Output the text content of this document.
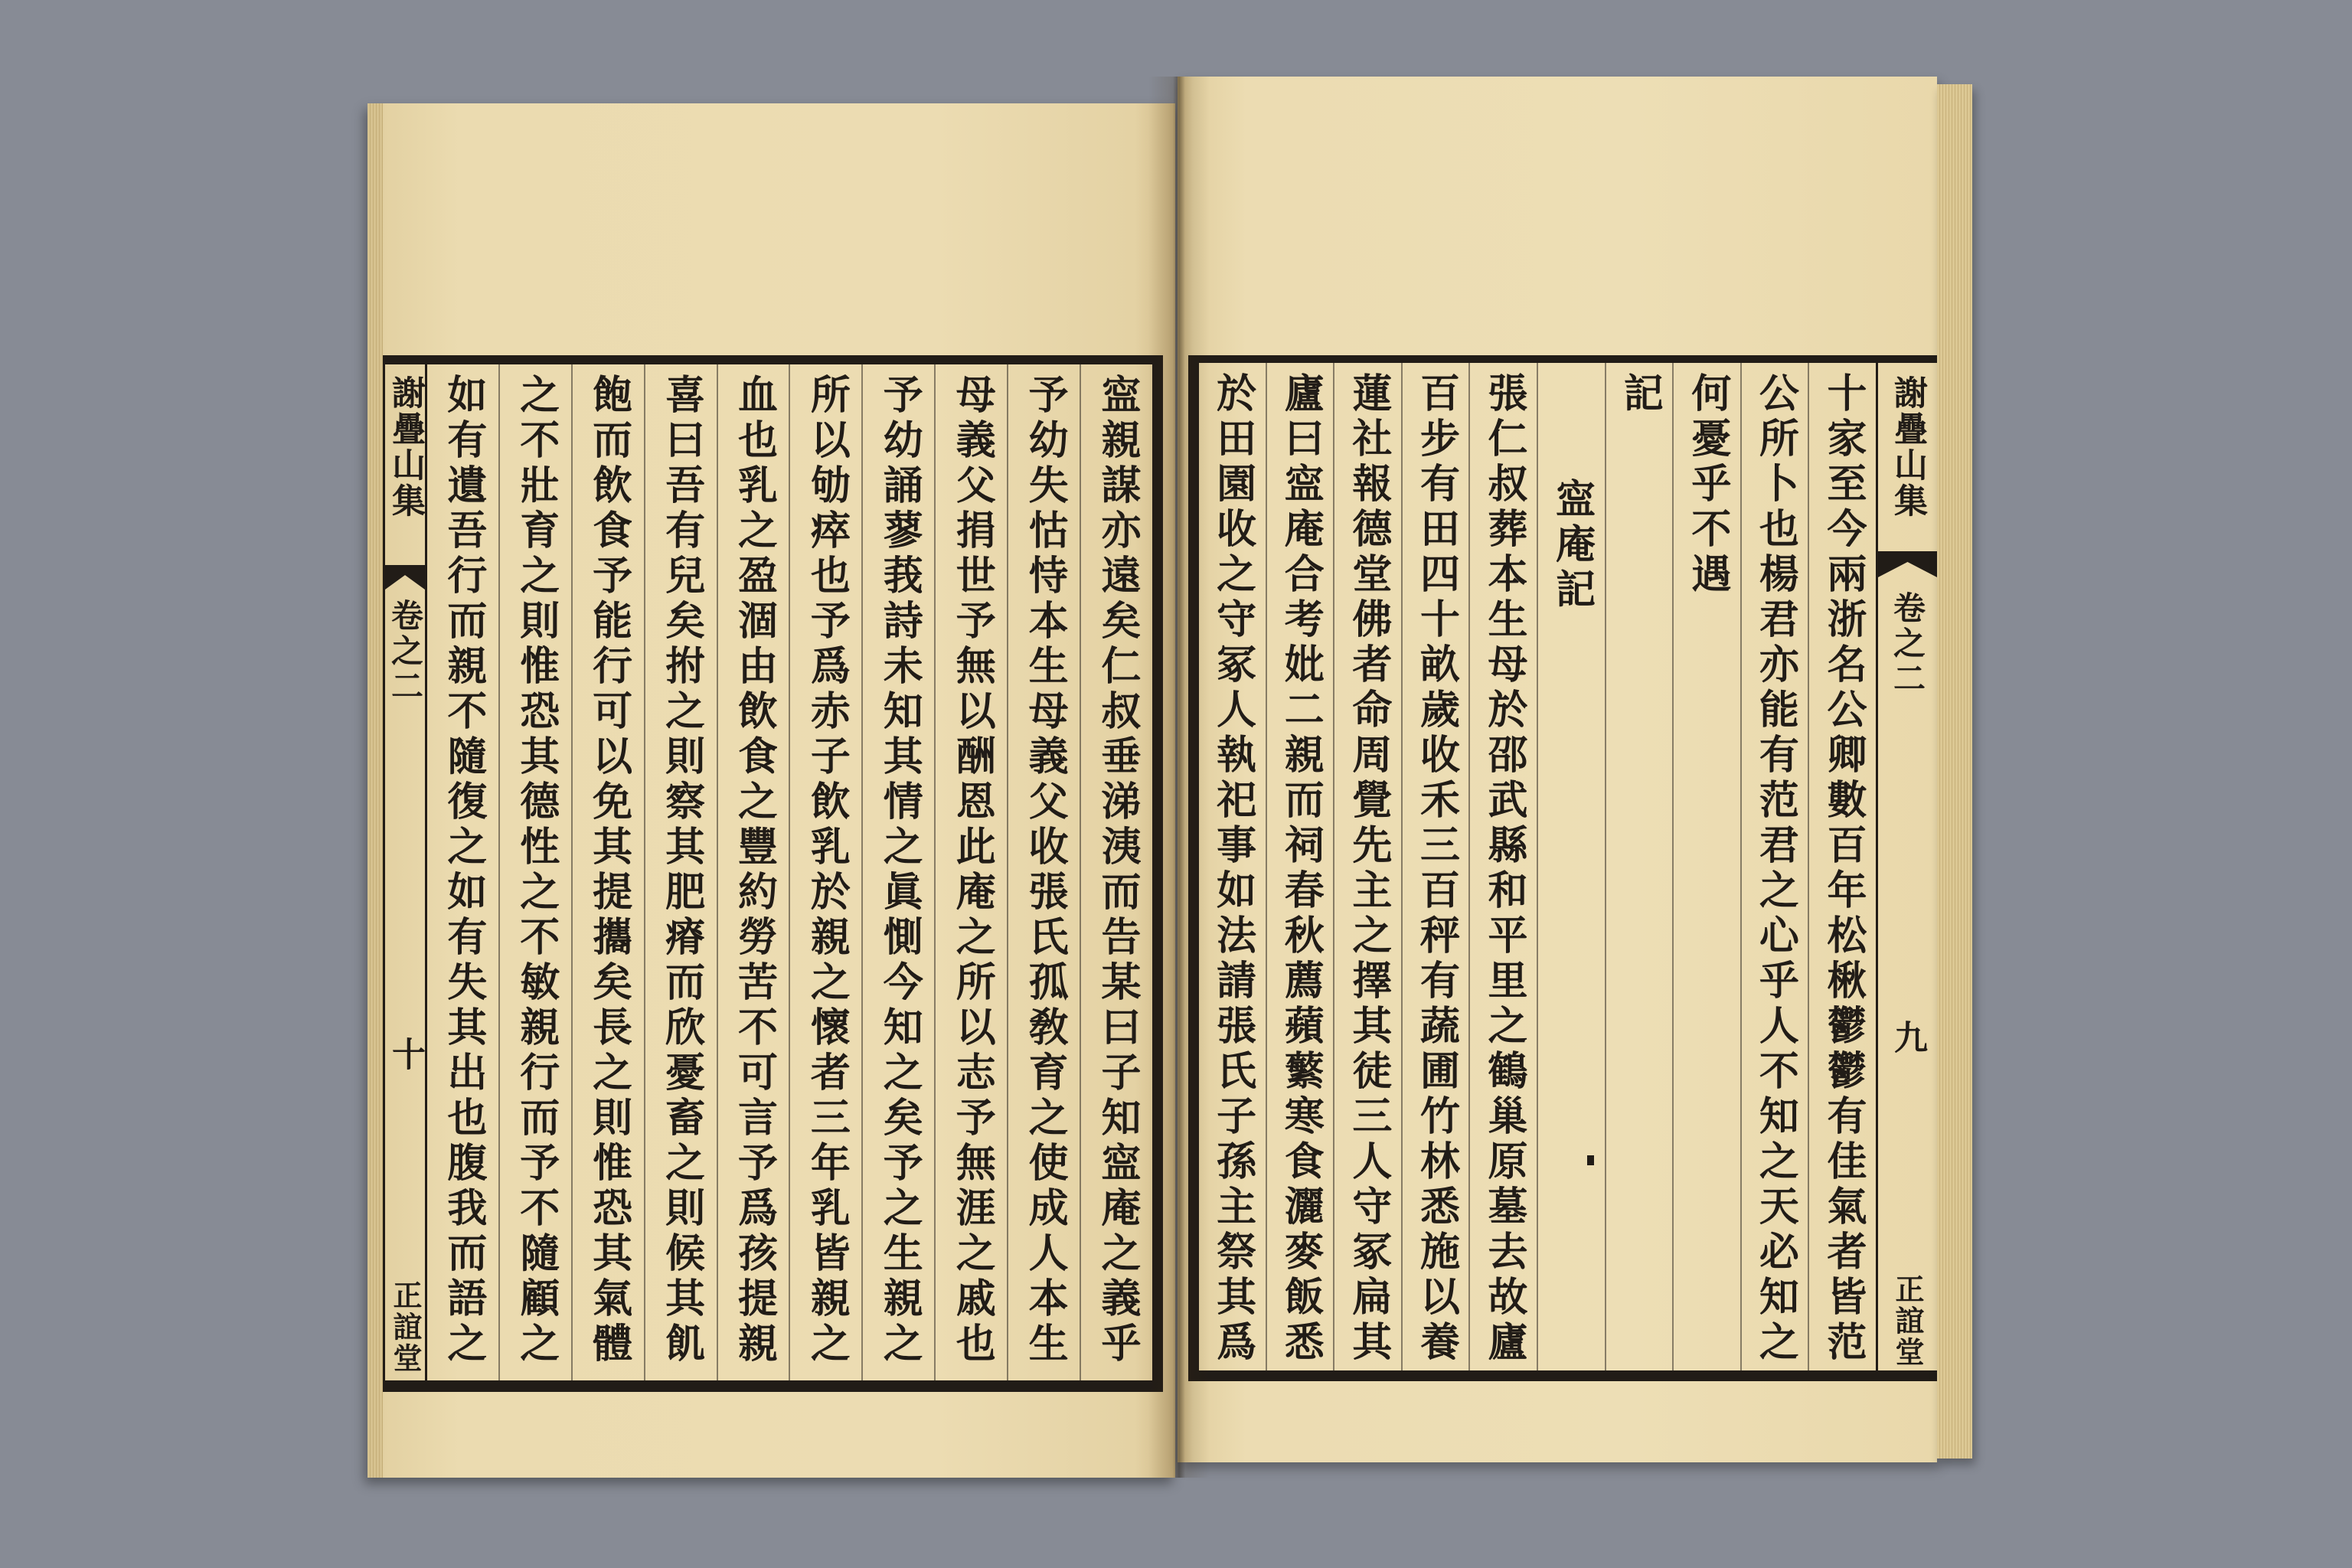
謝疊山集
卷之二
十
正誼堂	寍親謀亦遠矣仁叔垂涕洟而告某曰子知寍庵之義乎
予幼失怙恃本生母義父收張氏孤敎育之使成人本生
母義父捐世予無以酬恩此庵之所以志予無涯之戚也
予幼誦蓼莪詩未知其情之眞惻今知之矣予之生親之
所以劬瘁也予爲赤子飲乳於親之懷者三年乳皆親之
血也乳之盈涸由飲食之豐約勞苦不可言予爲孩提親
喜曰吾有兒矣拊之則察其肥瘠而欣憂畜之則候其飢
飽而飲食予能行可以免其提攜矣長之則惟恐其氣體
之不壯育之則惟恐其德性之不敏親行而予不隨顧之
如有遺吾行而親不隨復之如有失其出也腹我而語之	十家至今兩浙名公卿數百年松楸鬱鬱有佳氣者皆范
公所卜也楊君亦能有范君之心乎人不知之天必知之
何憂乎不遇
記
寍庵記
張仁叔葬本生母於邵武縣和平里之鶴巢原墓去故廬
百步有田四十畝歲收禾三百秤有蔬圃竹林悉施以養
蓮社報德堂佛者命周覺先主之擇其徒三人守冢扁其
廬曰寍庵合考妣二親而祠春秋薦蘋蘩寒食灑麥飯悉
於田園收之守冢人執祀事如法請張氏子孫主祭其爲	謝疊山集
卷之二
九
正誼堂
